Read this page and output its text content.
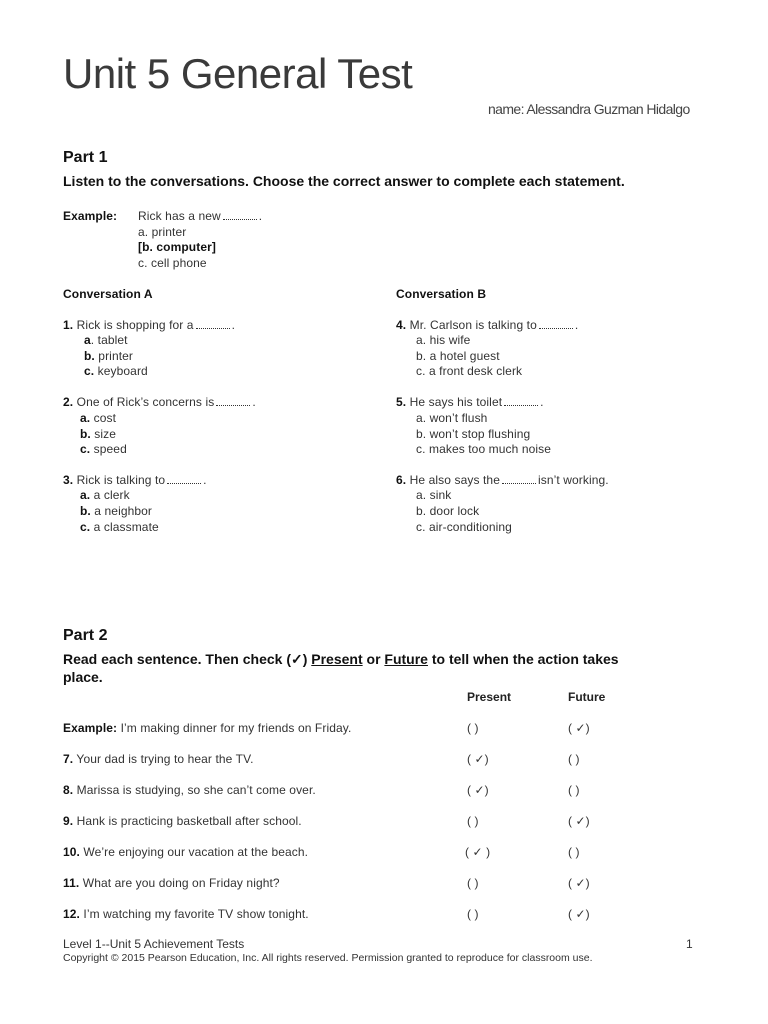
Unit 5 General Test
name: Alessandra Guzman Hidalgo
Part 1
Listen to the conversations. Choose the correct answer to complete each statement.
Example: Rick has a new	.
a. printer
[b. computer]
c. cell phone
Conversation A	Conversation B
1. Rick is shopping for a	.
a. tablet
b. printer
c. keyboard
2. One of Rick’s concerns is	.
a. cost
b. size
c. speed
3. Rick is talking to	.
a. a clerk
b. a neighbor
c. a classmate
4. Mr. Carlson is talking to	.
a. his wife
b. a hotel guest
c. a front desk clerk
5. He says his toilet	.
a. won’t flush
b. won’t stop flushing
c. makes too much noise
6. He also says the	isn’t working.
a. sink
b. door lock
c. air-conditioning
Part 2
Read each sentence. Then check (✓) Present or Future to tell when the action takes
place.
Present	Future
Example: I’m making dinner for my friends on Friday.	( )	( ✓)
7. Your dad is trying to hear the TV.	( ✓)	( )
8. Marissa is studying, so she can’t come over.	( ✓)	( )
9. Hank is practicing basketball after school.	( )	( ✓)
10. We’re enjoying our vacation at the beach.	( ✓ )	( )
11. What are you doing on Friday night?	( )	( ✓)
12. I’m watching my favorite TV show tonight.	( )	( ✓)
Level 1--Unit 5 Achievement Tests	1
Copyright © 2015 Pearson Education, Inc. All rights reserved. Permission granted to reproduce for classroom use.
